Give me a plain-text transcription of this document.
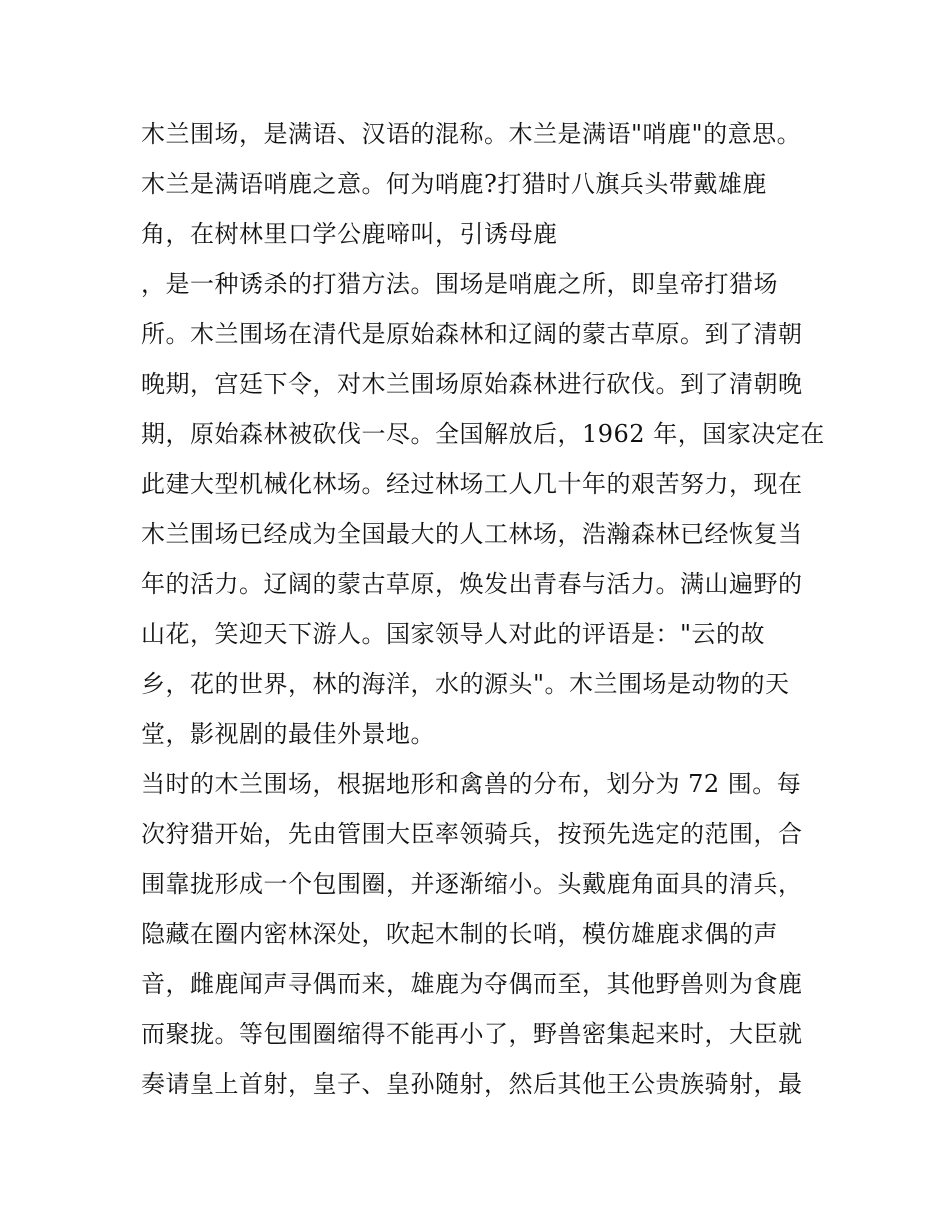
木兰围场，是满语、汉语的混称。木兰是满语"哨鹿"的意思。
木兰是满语哨鹿之意。何为哨鹿?打猎时八旗兵头带戴雄鹿
角，在树林里口学公鹿啼叫，引诱母鹿
，是一种诱杀的打猎方法。围场是哨鹿之所，即皇帝打猎场
所。木兰围场在清代是原始森林和辽阔的蒙古草原。到了清朝
晚期，宫廷下令，对木兰围场原始森林进行砍伐。到了清朝晚
期，原始森林被砍伐一尽。全国解放后，1962 年，国家决定在
此建大型机械化林场。经过林场工人几十年的艰苦努力，现在
木兰围场已经成为全国最大的人工林场，浩瀚森林已经恢复当
年的活力。辽阔的蒙古草原，焕发出青春与活力。满山遍野的
山花，笑迎天下游人。国家领导人对此的评语是："云的故
乡，花的世界，林的海洋，水的源头"。木兰围场是动物的天
堂，影视剧的最佳外景地。
当时的木兰围场，根据地形和禽兽的分布，划分为 72 围。每
次狩猎开始，先由管围大臣率领骑兵，按预先选定的范围，合
围靠拢形成一个包围圈，并逐渐缩小。头戴鹿角面具的清兵，
隐藏在圈内密林深处，吹起木制的长哨，模仿雄鹿求偶的声
音，雌鹿闻声寻偶而来，雄鹿为夺偶而至，其他野兽则为食鹿
而聚拢。等包围圈缩得不能再小了，野兽密集起来时，大臣就
奏请皇上首射，皇子、皇孙随射，然后其他王公贵族骑射，最
